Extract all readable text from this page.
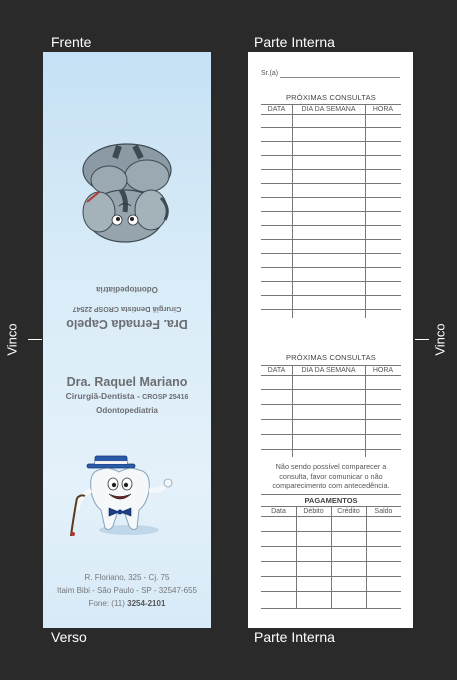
Frente	Parte Interna
Verso	Parte Interna
Vinco	Vinco
Dra. Fernada Capelo
Cirurgiã Dentista CROSP 22547
Odontopediatria
Dra. Raquel Mariano
Cirurgiã-Dentista - CROSP 25416
Odontopediatria
R. Floriano, 325 - Cj. 75
Itaim Bibi - São Paulo - SP - 32547-655
Fone: (11) 3254-2101
Sr.(a)
PRÓXIMAS CONSULTAS
DATA	DIA DA SEMANA	HORA
PRÓXIMAS CONSULTAS
DATA	DIA DA SEMANA	HORA
Não sendo possível comparecer a consulta, favor comunicar o não comparecimento com antecedência.
PAGAMENTOS
Data	Débito	Crédito	Saldo
